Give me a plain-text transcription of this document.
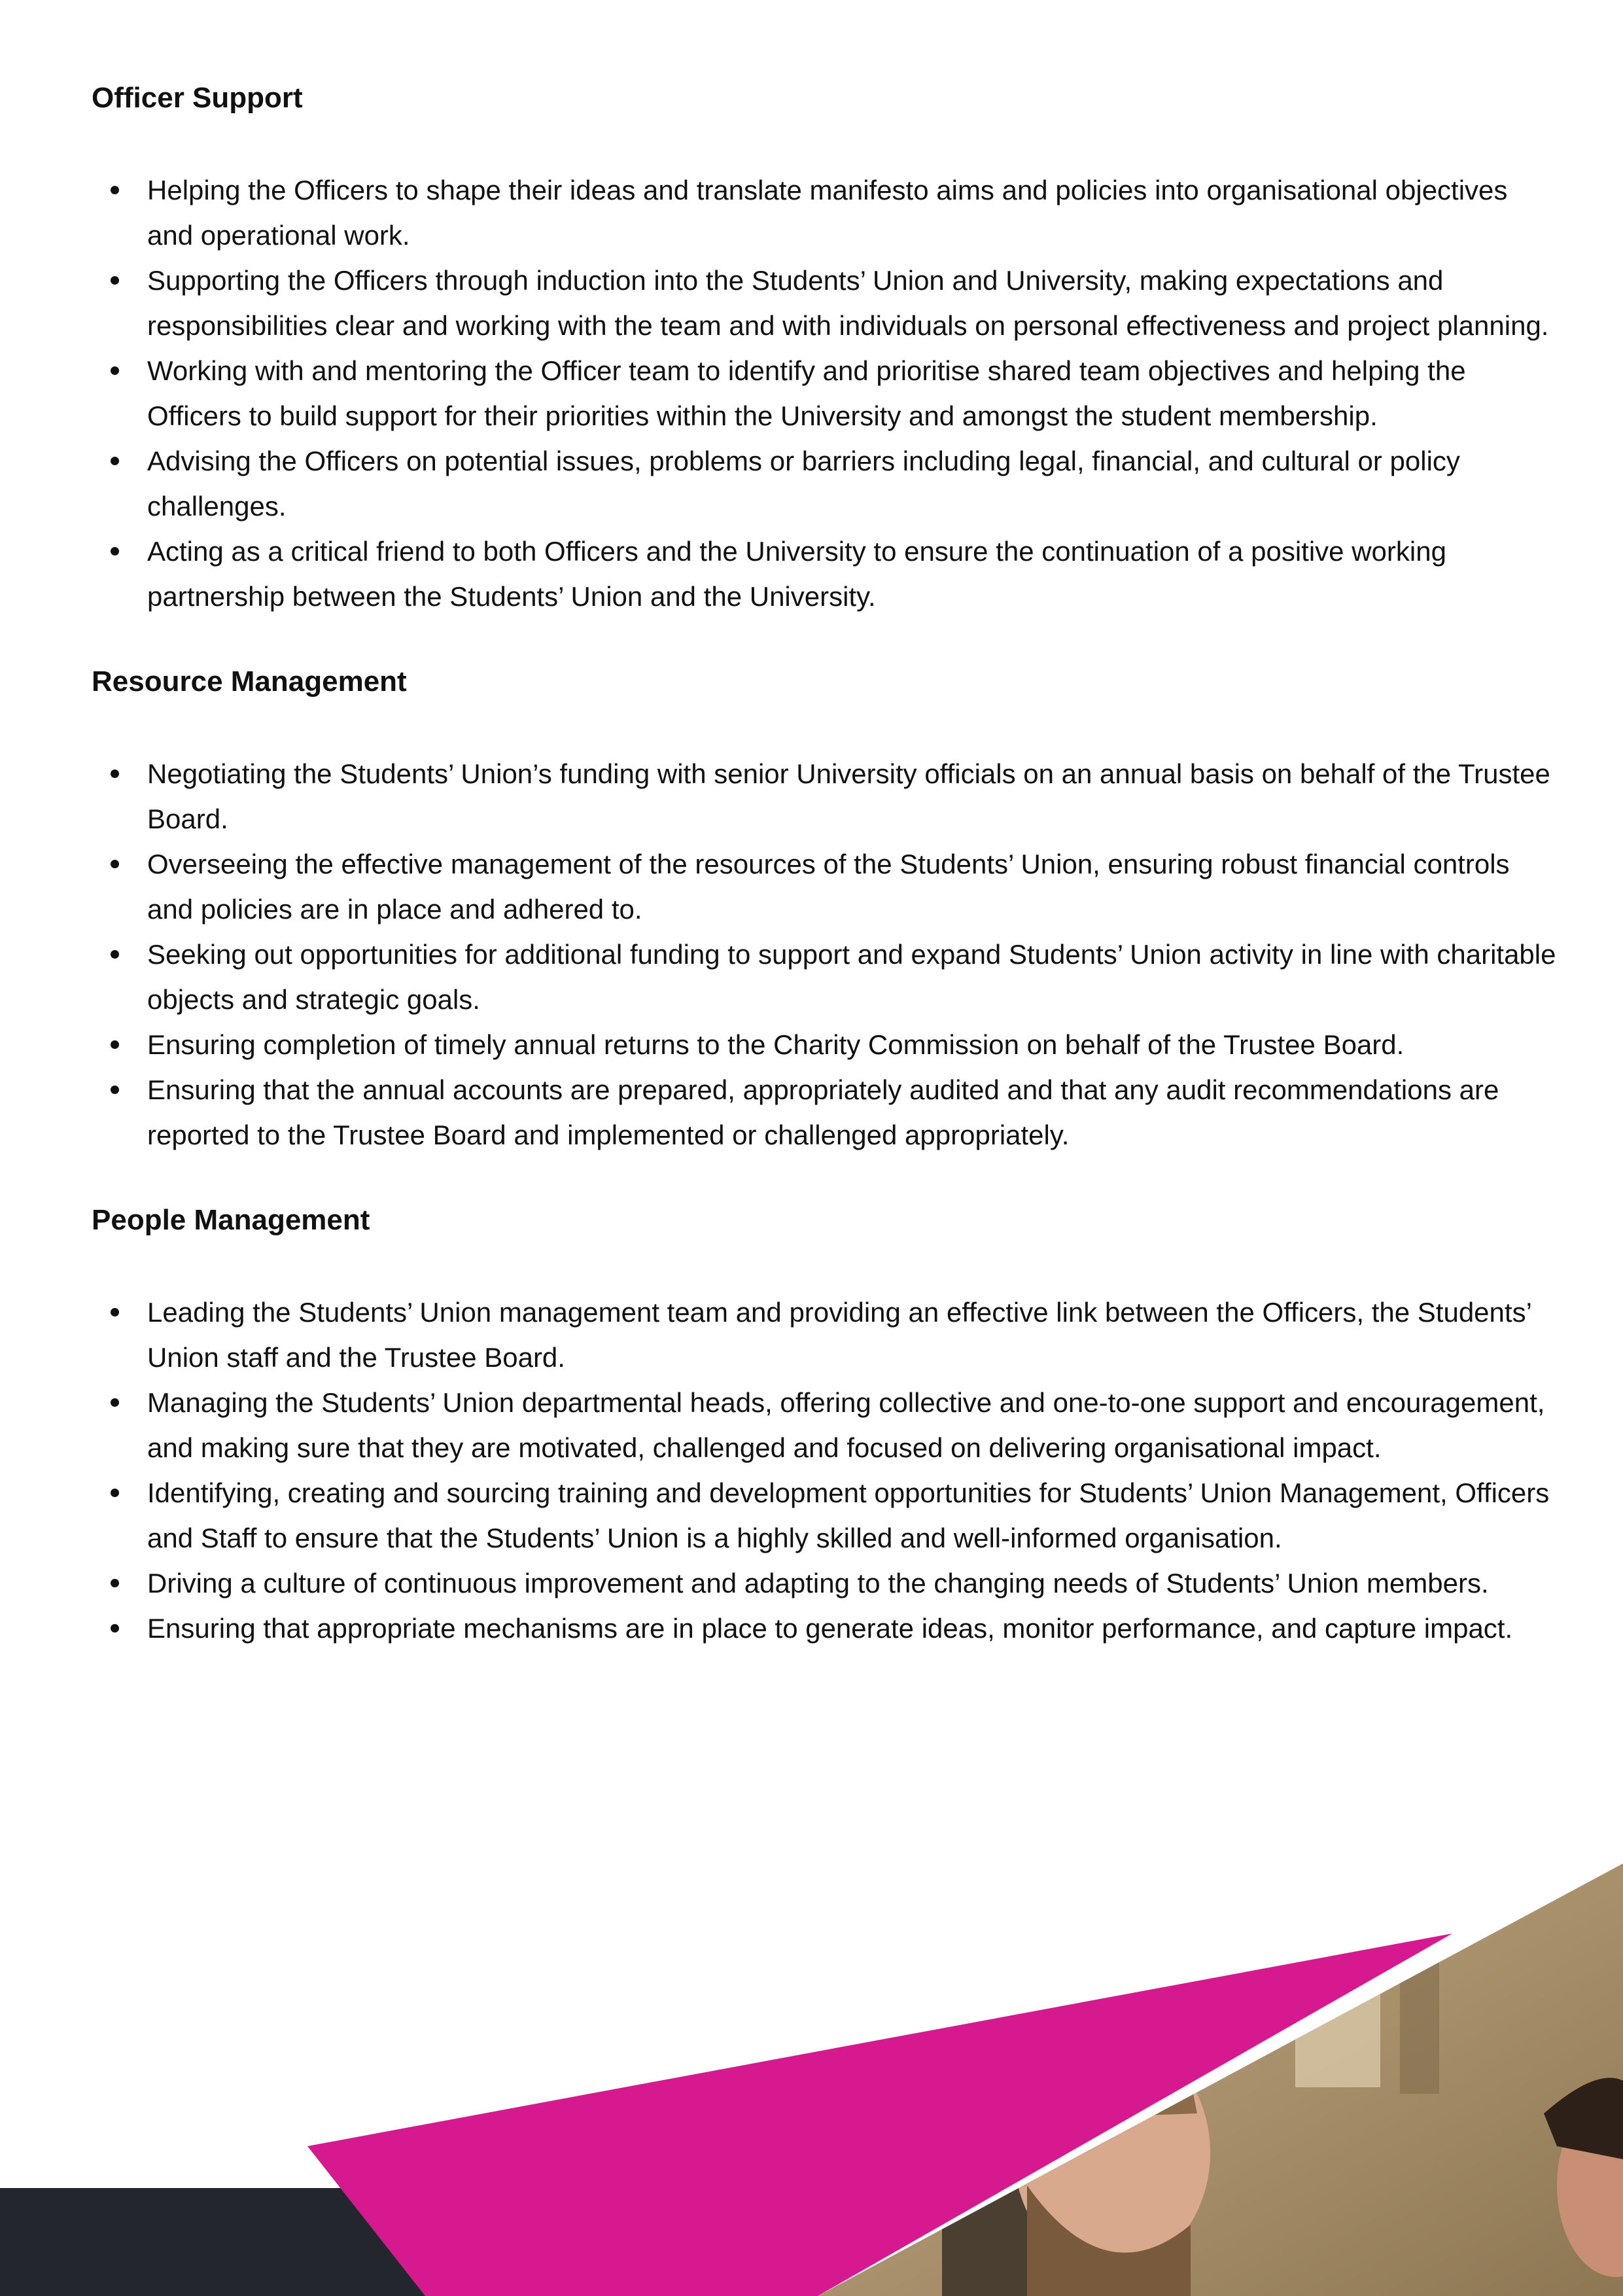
Officer Support
Helping the Officers to shape their ideas and translate manifesto aims and policies into organisational objectives and operational work.
Supporting the Officers through induction into the Students’ Union and University, making expectations and responsibilities clear and working with the team and with individuals on personal effectiveness and project planning.
Working with and mentoring the Officer team to identify and prioritise shared team objectives and helping the Officers to build support for their priorities within the University and amongst the student membership.
Advising the Officers on potential issues, problems or barriers including legal, financial, and cultural or policy challenges.
Acting as a critical friend to both Officers and the University to ensure the continuation of a positive working partnership between the Students’ Union and the University.
Resource Management
Negotiating the Students’ Union’s funding with senior University officials on an annual basis on behalf of the Trustee Board.
Overseeing the effective management of the resources of the Students’ Union, ensuring robust financial controls and policies are in place and adhered to.
Seeking out opportunities for additional funding to support and expand Students’ Union activity in line with charitable objects and strategic goals.
Ensuring completion of timely annual returns to the Charity Commission on behalf of the Trustee Board.
Ensuring that the annual accounts are prepared, appropriately audited and that any audit recommendations are reported to the Trustee Board and implemented or challenged appropriately.
People Management
Leading the Students’ Union management team and providing an effective link between the Officers, the Students’ Union staff and the Trustee Board.
Managing the Students’ Union departmental heads, offering collective and one-to-one support and encouragement, and making sure that they are motivated, challenged and focused on delivering organisational impact.
Identifying, creating and sourcing training and development opportunities for Students’ Union Management, Officers and Staff to ensure that the Students’ Union is a highly skilled and well-informed organisation.
Driving a culture of continuous improvement and adapting to the changing needs of Students’ Union members.
Ensuring that appropriate mechanisms are in place to generate ideas, monitor performance, and capture impact.
